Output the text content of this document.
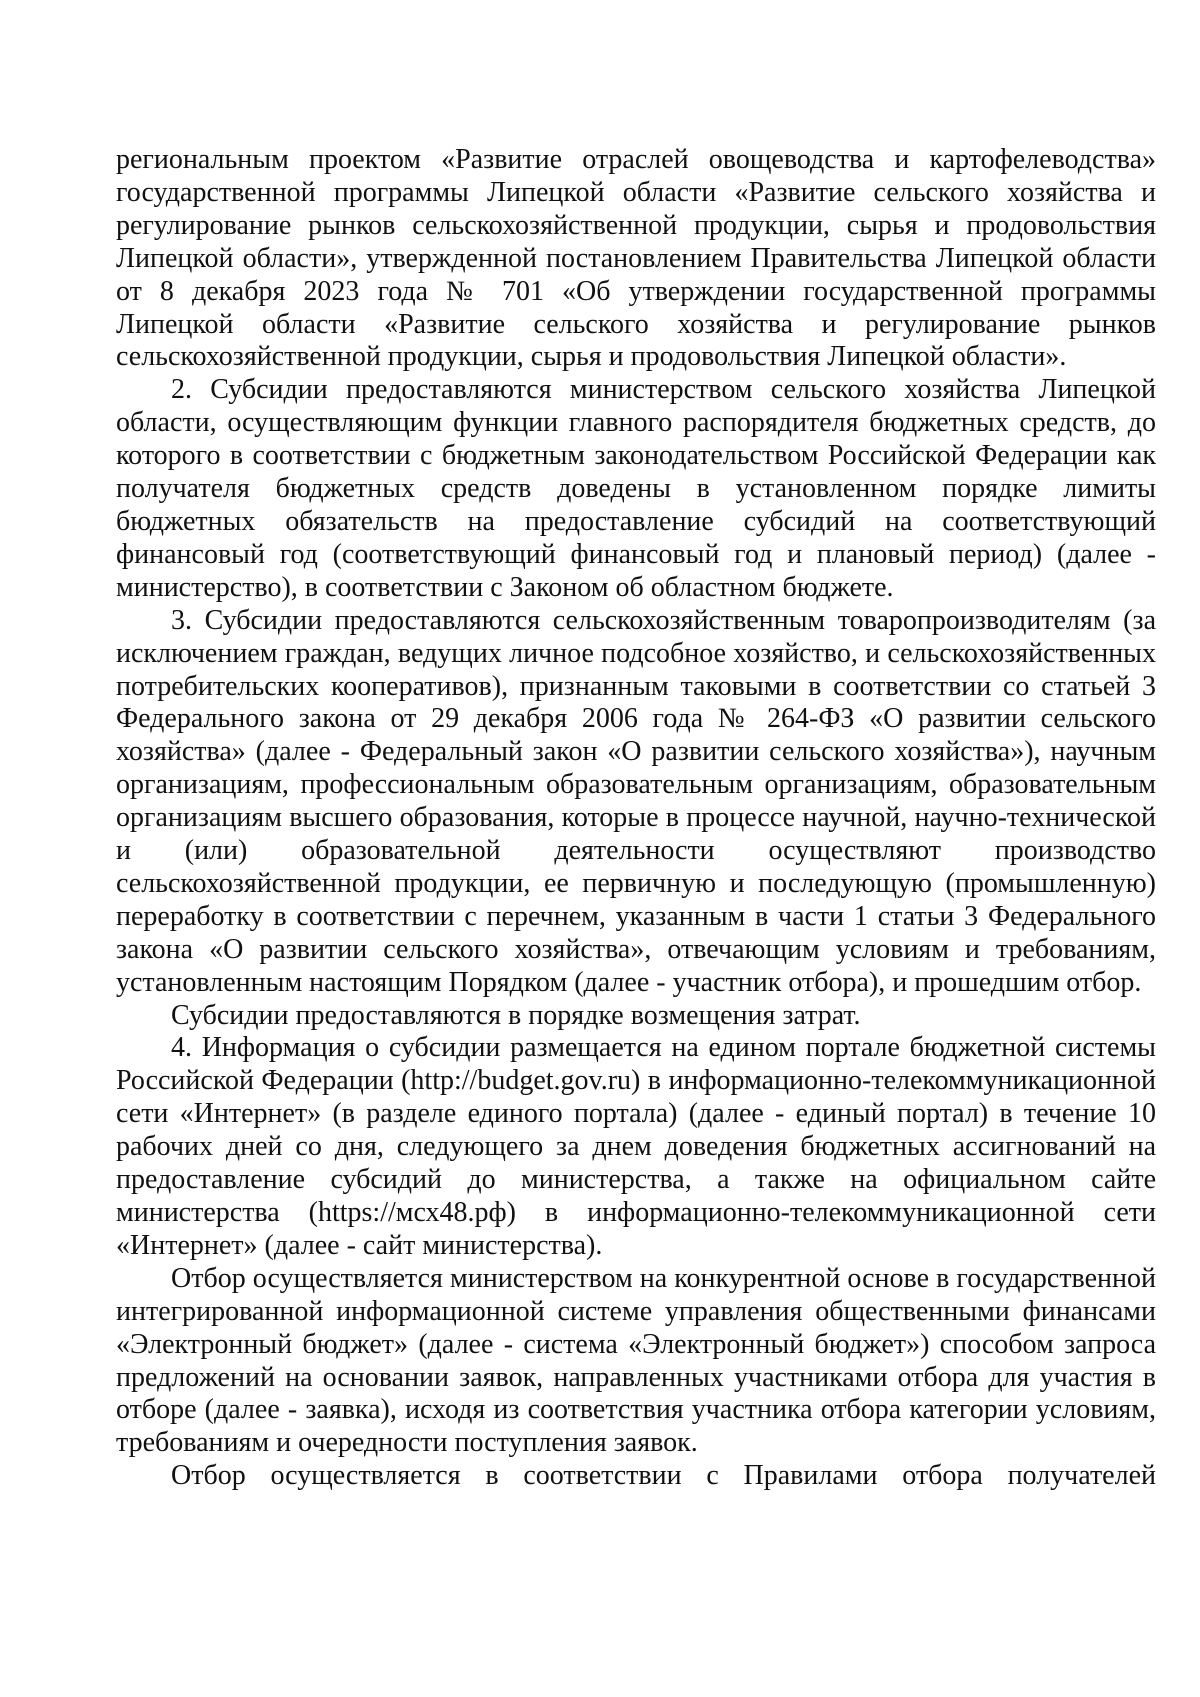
региональным проектом «Развитие отраслей овощеводства и картофелеводства» государственной программы Липецкой области «Развитие сельского хозяйства и регулирование рынков сельскохозяйственной продукции, сырья и продовольствия Липецкой области», утвержденной постановлением Правительства Липецкой области от 8 декабря 2023 года № 701 «Об утверждении государственной программы Липецкой области «Развитие сельского хозяйства и регулирование рынков сельскохозяйственной продукции, сырья и продовольствия Липецкой области».

2. Субсидии предоставляются министерством сельского хозяйства Липецкой области, осуществляющим функции главного распорядителя бюджетных средств, до которого в соответствии с бюджетным законодательством Российской Федерации как получателя бюджетных средств доведены в установленном порядке лимиты бюджетных обязательств на предоставление субсидий на соответствующий финансовый год (соответствующий финансовый год и плановый период) (далее - министерство), в соответствии с Законом об областном бюджете.

3. Субсидии предоставляются сельскохозяйственным товаропроизводителям (за исключением граждан, ведущих личное подсобное хозяйство, и сельскохозяйственных потребительских кооперативов), признанным таковыми в соответствии со статьей 3 Федерального закона от 29 декабря 2006 года № 264-ФЗ «О развитии сельского хозяйства» (далее - Федеральный закон «О развитии сельского хозяйства»), научным организациям, профессиональным образовательным организациям, образовательным организациям высшего образования, которые в процессе научной, научно-технической и (или) образовательной деятельности осуществляют производство сельскохозяйственной продукции, ее первичную и последующую (промышленную) переработку в соответствии с перечнем, указанным в части 1 статьи 3 Федерального закона «О развитии сельского хозяйства», отвечающим условиям и требованиям, установленным настоящим Порядком (далее - участник отбора), и прошедшим отбор.

Субсидии предоставляются в порядке возмещения затрат.

4. Информация о субсидии размещается на едином портале бюджетной системы Российской Федерации (http://budget.gov.ru) в информационно-телекоммуникационной сети «Интернет» (в разделе единого портала) (далее - единый портал) в течение 10 рабочих дней со дня, следующего за днем доведения бюджетных ассигнований на предоставление субсидий до министерства, а также на официальном сайте министерства (https://мсх48.рф) в информационно-телекоммуникационной сети «Интернет» (далее - сайт министерства).

Отбор осуществляется министерством на конкурентной основе в государственной интегрированной информационной системе управления общественными финансами «Электронный бюджет» (далее - система «Электронный бюджет») способом запроса предложений на основании заявок, направленных участниками отбора для участия в отборе (далее - заявка), исходя из соответствия участника отбора категории условиям, требованиям и очередности поступления заявок.

Отбор осуществляется в соответствии с Правилами отбора получателей
